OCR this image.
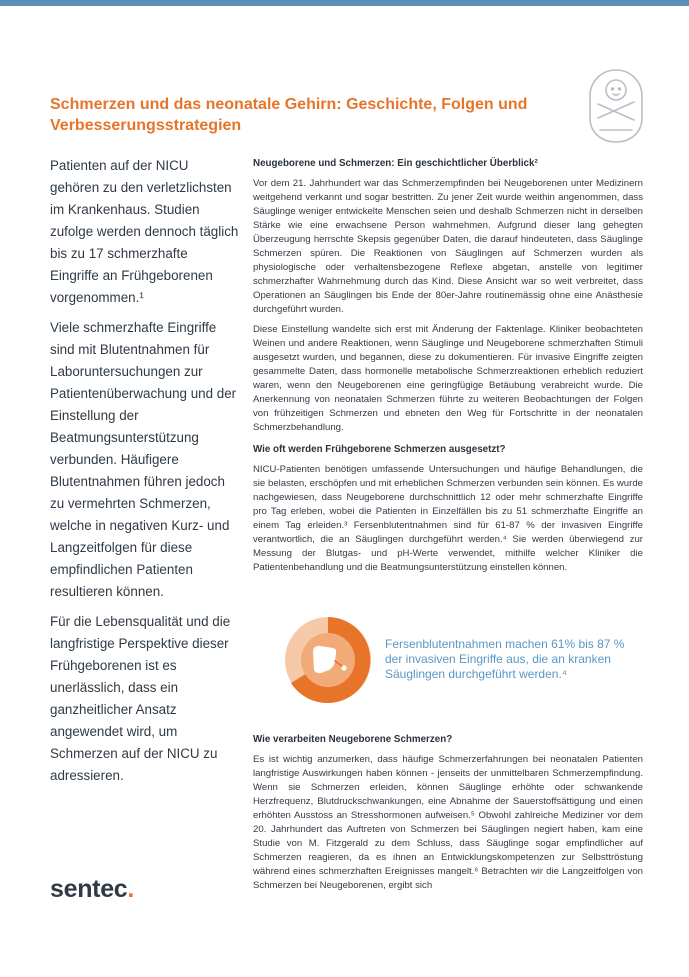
Schmerzen und das neonatale Gehirn: Geschichte, Folgen und Verbesserungsstrategien

Patienten auf der NICU gehören zu den verletzlichsten im Krankenhaus. Studien zufolge werden dennoch täglich bis zu 17 schmerzhafte Eingriffe an Frühgeborenen vorgenommen.¹

Viele schmerzhafte Eingriffe sind mit Blutentnahmen für Laboruntersuchungen zur Patientenüberwachung und der Einstellung der Beatmungsunterstützung verbunden. Häufigere Blutentnahmen führen jedoch zu vermehrten Schmerzen, welche in negativen Kurz- und Langzeitfolgen für diese empfindlichen Patienten resultieren können.

Für die Lebensqualität und die langfristige Perspektive dieser Frühgeborenen ist es unerlässlich, dass ein ganzheitlicher Ansatz angewendet wird, um Schmerzen auf der NICU zu adressieren.

Neugeborene und Schmerzen: Ein geschichtlicher Überblick²

Vor dem 21. Jahrhundert war das Schmerzempfinden bei Neugeborenen unter Medizinern weitgehend verkannt und sogar bestritten. Zu jener Zeit wurde weithin angenommen, dass Säuglinge weniger entwickelte Menschen seien und deshalb Schmerzen nicht in derselben Stärke wie eine erwachsene Person wahrnehmen. Aufgrund dieser lang gehegten Überzeugung herrschte Skepsis gegenüber Daten, die darauf hindeuteten, dass Säuglinge Schmerzen spüren. Die Reaktionen von Säuglingen auf Schmerzen wurden als physiologische oder verhaltensbezogene Reflexe abgetan, anstelle von legitimer schmerzhafter Wahrnehmung durch das Kind. Diese Ansicht war so weit verbreitet, dass Operationen an Säuglingen bis Ende der 80er-Jahre routinemässig ohne eine Anästhesie durchgeführt wurden.

Diese Einstellung wandelte sich erst mit Änderung der Faktenlage. Kliniker beobachteten Weinen und andere Reaktionen, wenn Säuglinge und Neugeborene schmerzhaften Stimuli ausgesetzt wurden, und begannen, diese zu dokumentieren. Für invasive Eingriffe zeigten gesammelte Daten, dass hormonelle metabolische Schmerzreaktionen erheblich reduziert waren, wenn den Neugeborenen eine geringfügige Betäubung verabreicht wurde. Die Anerkennung von neonatalen Schmerzen führte zu weiteren Beobachtungen der Folgen von frühzeitigen Schmerzen und ebneten den Weg für Fortschritte in der neonatalen Schmerzbehandlung.

Wie oft werden Frühgeborene Schmerzen ausgesetzt?

NICU-Patienten benötigen umfassende Untersuchungen und häufige Behandlungen, die sie belasten, erschöpfen und mit erheblichen Schmerzen verbunden sein können. Es wurde nachgewiesen, dass Neugeborene durchschnittlich 12 oder mehr schmerzhafte Eingriffe pro Tag erleben, wobei die Patienten in Einzelfällen bis zu 51 schmerzhafte Eingriffe an einem Tag erleiden.³ Fersenblutentnahmen sind für 61-87 % der invasiven Eingriffe verantwortlich, die an Säuglingen durchgeführt werden.⁴ Sie werden überwiegend zur Messung der Blutgas- und pH-Werte verwendet, mithilfe welcher Kliniker die Patientenbehandlung und die Beatmungsunterstützung einstellen können.

Fersenblutentnahmen machen 61% bis 87 % der invasiven Eingriffe aus, die an kranken Säuglingen durchgeführt werden.⁴
Wie verarbeiten Neugeborene Schmerzen?

Es ist wichtig anzumerken, dass häufige Schmerzerfahrungen bei neonatalen Patienten langfristige Auswirkungen haben können - jenseits der unmittelbaren Schmerzempfindung. Wenn sie Schmerzen erleiden, können Säuglinge erhöhte oder schwankende Herzfrequenz, Blutdruckschwankungen, eine Abnahme der Sauerstoffsättigung und einen erhöhten Ausstoss an Stresshormonen aufweisen.⁵ Obwohl zahlreiche Mediziner vor dem 20. Jahrhundert das Auftreten von Schmerzen bei Säuglingen negiert haben, kam eine Studie von M. Fitzgerald zu dem Schluss, dass Säuglinge sogar empfindlicher auf Schmerzen reagieren, da es ihnen an Entwicklungskompetenzen zur Selbsttröstung während eines schmerzhaften Ereignisses mangelt.⁶ Betrachten wir die Langzeitfolgen von Schmerzen bei Neugeborenen, ergibt sich

sentec.
